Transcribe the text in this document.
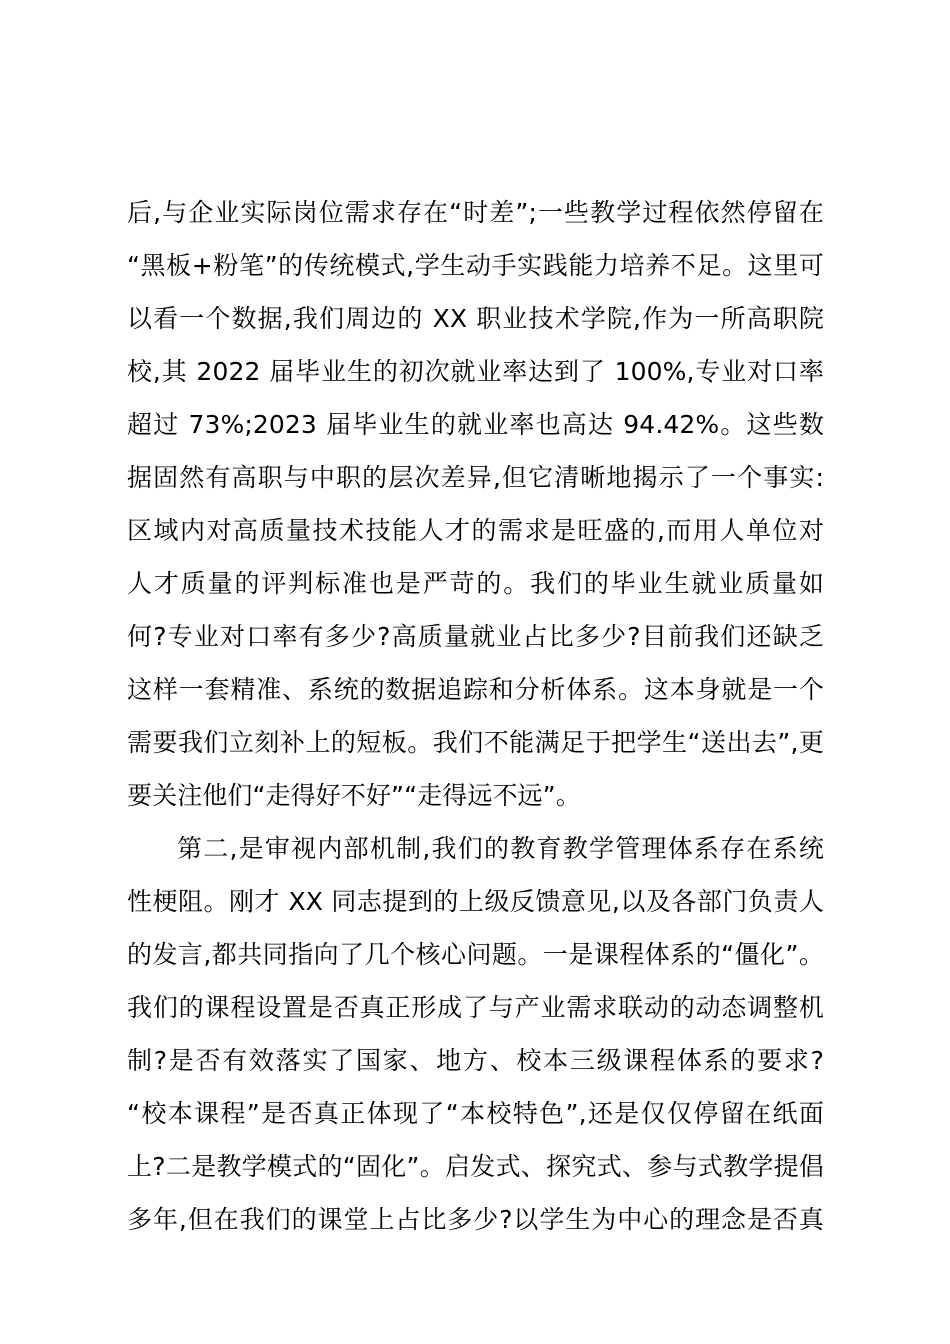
后,与企业实际岗位需求存在“时差”;一些教学过程依然停留在
“黑板+粉笔”的传统模式,学生动手实践能力培养不足。这里可
以看一个数据,我们周边的 XX 职业技术学院,作为一所高职院
校,其 2022 届毕业生的初次就业率达到了 100%,专业对口率
超过 73%;2023 届毕业生的就业率也高达 94.42%。这些数
据固然有高职与中职的层次差异,但它清晰地揭示了一个事实:
区域内对高质量技术技能人才的需求是旺盛的,而用人单位对
人才质量的评判标准也是严苛的。我们的毕业生就业质量如
何?专业对口率有多少?高质量就业占比多少?目前我们还缺乏
这样一套精准、系统的数据追踪和分析体系。这本身就是一个
需要我们立刻补上的短板。我们不能满足于把学生“送出去”,更
要关注他们“走得好不好”“走得远不远”。
第二,是审视内部机制,我们的教育教学管理体系存在系统
性梗阻。刚才 XX 同志提到的上级反馈意见,以及各部门负责人
的发言,都共同指向了几个核心问题。一是课程体系的“僵化”。
我们的课程设置是否真正形成了与产业需求联动的动态调整机
制?是否有效落实了国家、地方、校本三级课程体系的要求?
“校本课程”是否真正体现了“本校特色”,还是仅仅停留在纸面
上?二是教学模式的“固化”。启发式、探究式、参与式教学提倡
多年,但在我们的课堂上占比多少?以学生为中心的理念是否真
